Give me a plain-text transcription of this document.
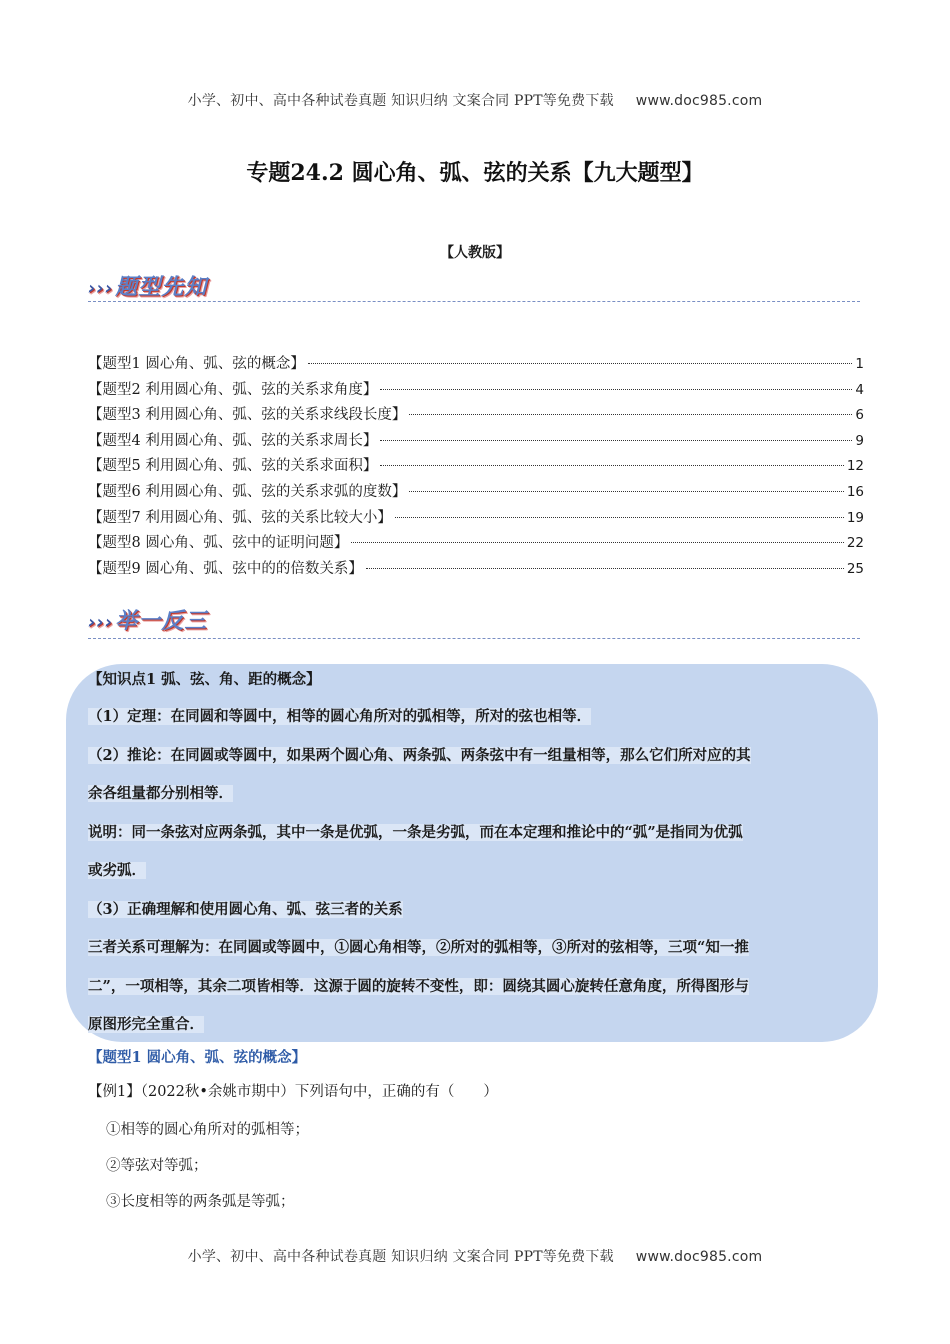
小学、初中、高中各种试卷真题 知识归纳 文案合同 PPT等免费下载 www.doc985.com
专题24.2 圆心角、弧、弦的关系【九大题型】
【人教版】
›››题型先知
【题型1 圆心角、弧、弦的概念】	1
【题型2 利用圆心角、弧、弦的关系求角度】	4
【题型3 利用圆心角、弧、弦的关系求线段长度】	6
【题型4 利用圆心角、弧、弦的关系求周长】	9
【题型5 利用圆心角、弧、弦的关系求面积】	12
【题型6 利用圆心角、弧、弦的关系求弧的度数】	16
【题型7 利用圆心角、弧、弦的关系比较大小】	19
【题型8 圆心角、弧、弦中的证明问题】	22
【题型9 圆心角、弧、弦中的的倍数关系】	25
›››举一反三
【知识点1 弧、弦、角、距的概念】
（1）定理：在同圆和等圆中，相等的圆心角所对的弧相等，所对的弦也相等．
（2）推论：在同圆或等圆中，如果两个圆心角、两条弧、两条弦中有一组量相等，那么它们所对应的其
余各组量都分别相等．
说明：同一条弦对应两条弧，其中一条是优弧，一条是劣弧，而在本定理和推论中的“弧”是指同为优弧
或劣弧．
（3）正确理解和使用圆心角、弧、弦三者的关系
三者关系可理解为：在同圆或等圆中，①圆心角相等，②所对的弧相等，③所对的弦相等，三项“知一推
二”，一项相等，其余二项皆相等．这源于圆的旋转不变性，即：圆绕其圆心旋转任意角度，所得图形与
原图形完全重合．
【题型1 圆心角、弧、弦的概念】
【例1】（2022秋•余姚市期中）下列语句中，正确的有（　　）
①相等的圆心角所对的弧相等；
②等弦对等弧；
③长度相等的两条弧是等弧；
小学、初中、高中各种试卷真题 知识归纳 文案合同 PPT等免费下载 www.doc985.com
